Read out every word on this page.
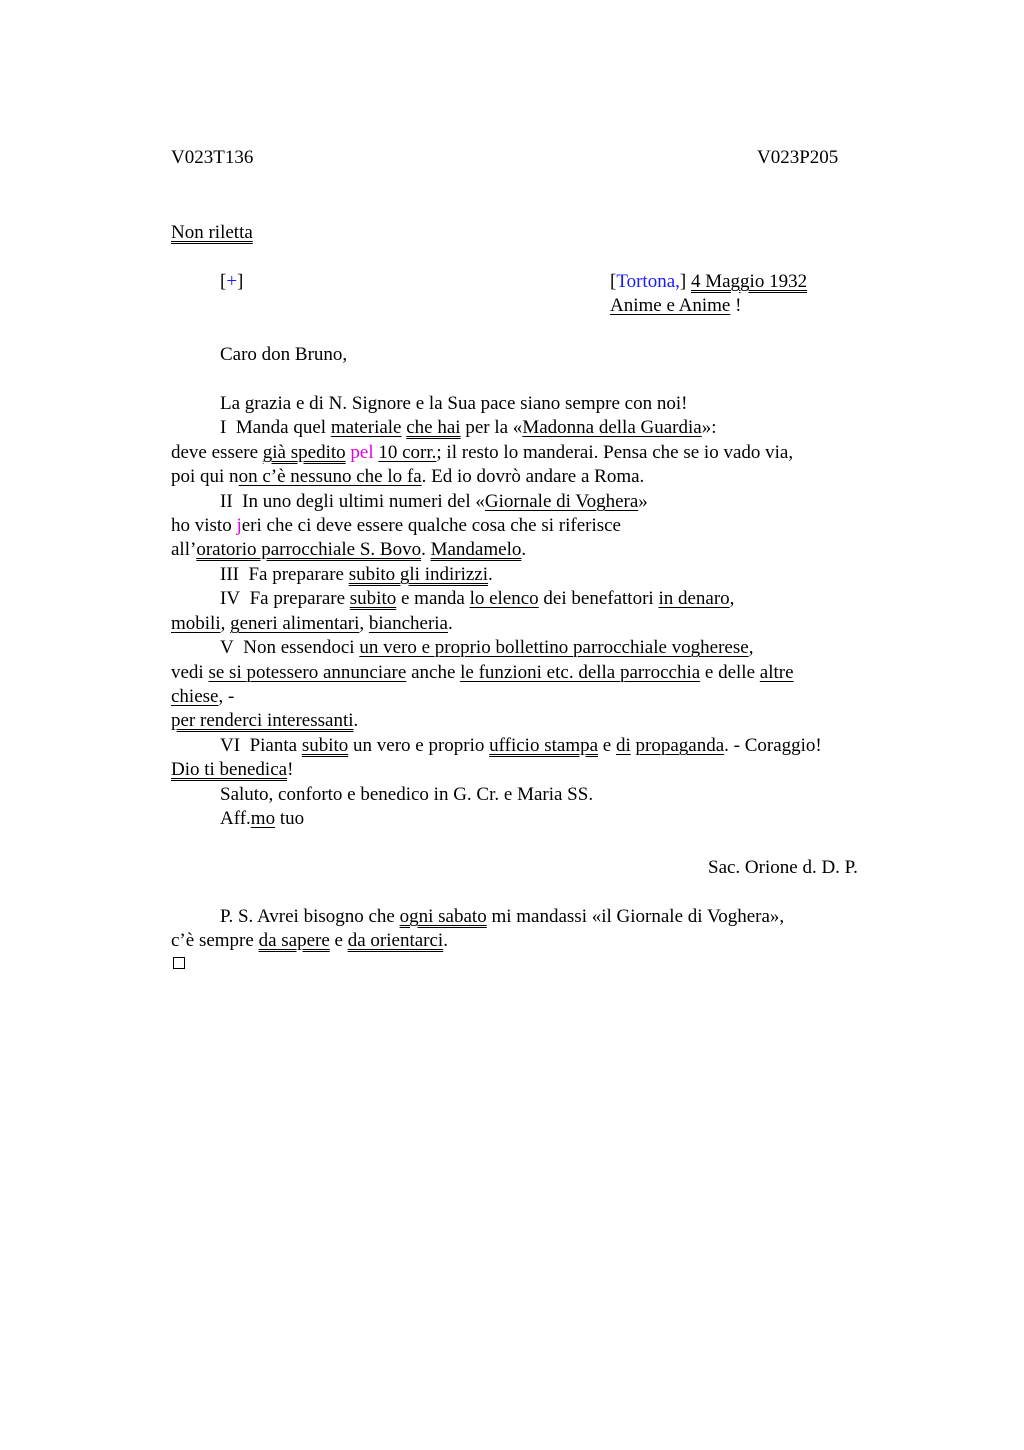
V023T136	V023P205
Non riletta
[+]	[Tortona,] 4 Maggio 1932
Anime e Anime !
Caro don Bruno,
La grazia e di N. Signore e la Sua pace siano sempre con noi!
I Manda quel materiale che hai per la «Madonna della Guardia»:
deve essere già spedito pel 10 corr.; il resto lo manderai. Pensa che se io vado via,
poi qui non c’è nessuno che lo fa. Ed io dovrò andare a Roma.
II In uno degli ultimi numeri del «Giornale di Voghera»
ho visto jeri che ci deve essere qualche cosa che si riferisce
all’oratorio parrocchiale S. Bovo. Mandamelo.
III Fa preparare subito gli indirizzi.
IV Fa preparare subito e manda lo elenco dei benefattori in denaro,
mobili, generi alimentari, biancheria.
V Non essendoci un vero e proprio bollettino parrocchiale vogherese,
vedi se si potessero annunciare anche le funzioni etc. della parrocchia e delle altre
chiese, -
per renderci interessanti.
VI Pianta subito un vero e proprio ufficio stampa e di propaganda. - Coraggio!
Dio ti benedica!
Saluto, conforto e benedico in G. Cr. e Maria SS.
Aff.mo tuo
Sac. Orione d. D. P.
P. S. Avrei bisogno che ogni sabato mi mandassi «il Giornale di Voghera»,
c’è sempre da sapere e da orientarci.
